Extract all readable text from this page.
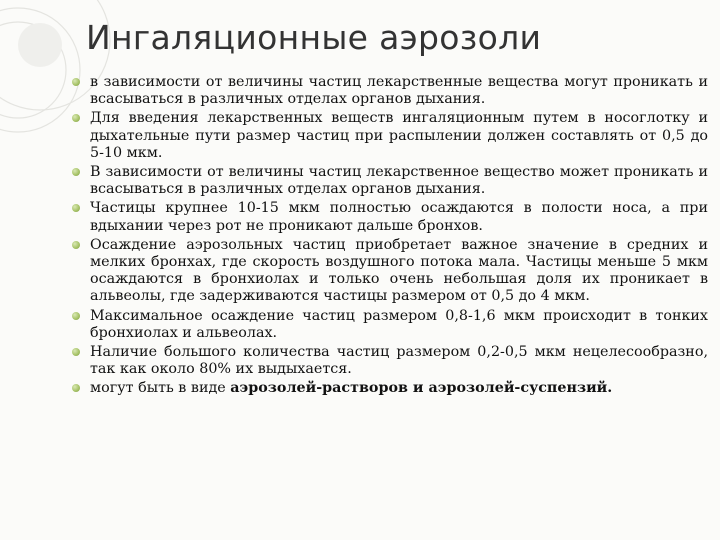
Ингаляционные аэрозоли
в зависимости от величины частиц лекарственные вещества могут проникать и всасываться в различных отделах органов дыхания.
Для введения лекарственных веществ ингаляционным путем в носоглотку и дыхательные пути размер частиц при распылении должен составлять от 0,5 до 5-10 мкм.
В зависимости от величины частиц лекарственное вещество может проникать и всасываться в различных отделах органов дыхания.
Частицы крупнее 10-15 мкм полностью осаждаются в полости носа, а при вдыхании через рот не проникают дальше бронхов.
Осаждение аэрозольных частиц приобретает важное значение в средних и мелких бронхах, где скорость воздушного потока мала. Частицы меньше 5 мкм осаждаются в бронхиолах и только очень небольшая доля их проникает в альвеолы, где задерживаются частицы размером от 0,5 до 4 мкм.
Максимальное осаждение частиц размером 0,8-1,6 мкм происходит в тонких бронхиолах и альвеолах.
Наличие большого количества частиц размером 0,2-0,5 мкм нецелесообразно, так как около 80% их выдыхается.
могут быть в виде аэрозолей-растворов и аэрозолей-суспензий.
